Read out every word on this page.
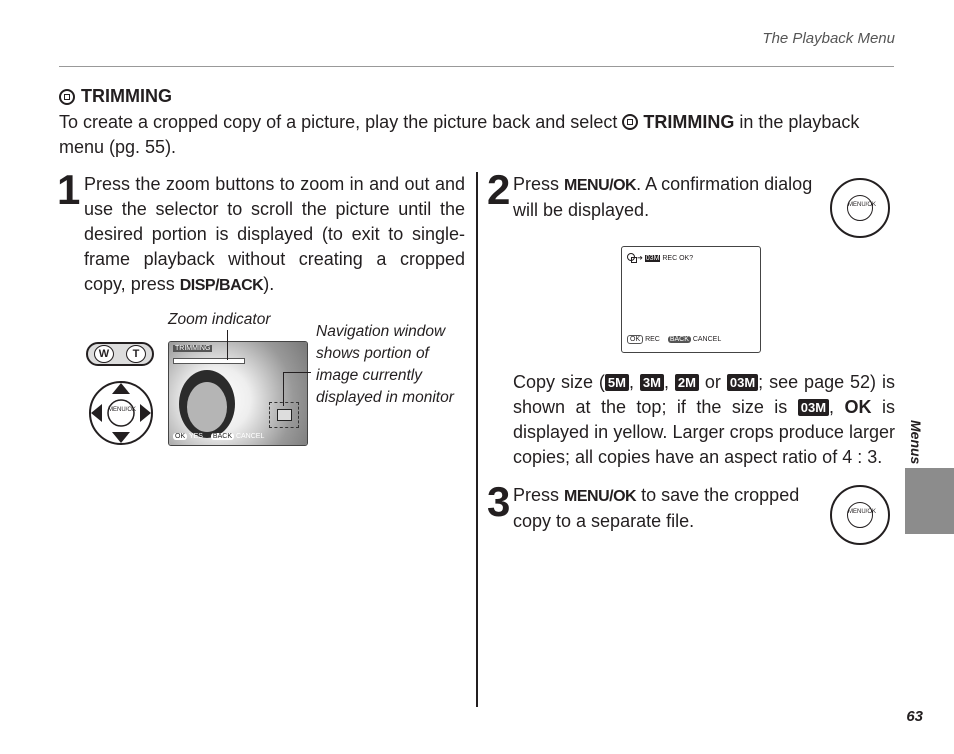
The Playback Menu
TRIMMING
To create a cropped copy of a picture, play the picture back and select TRIMMING in the playback menu (pg. 55).
1 Press the zoom buttons to zoom in and out and use the selector to scroll the picture until the desired portion is displayed (to exit to single-frame playback without creating a cropped copy, press DISP/BACK).
W	T
MENU/OK
TRIMMING
OK YES BACK CANCEL
Zoom indicator
Navigation window shows portion of image currently displayed in monitor
2 Press MENU/OK. A confirmation dialog will be displayed.	MENU/OK
➜ 03M REC OK?
OK REC BACK CANCEL
Copy size ( 5M , 3M , 2M or 03M ; see page 52) is shown at the top; if the size is 03M , OK is displayed in yellow. Larger crops produce larger copies; all copies have an aspect ratio of 4 : 3.
3 Press MENU/OK to save the cropped copy to a separate file.	MENU/OK
Menus
63
